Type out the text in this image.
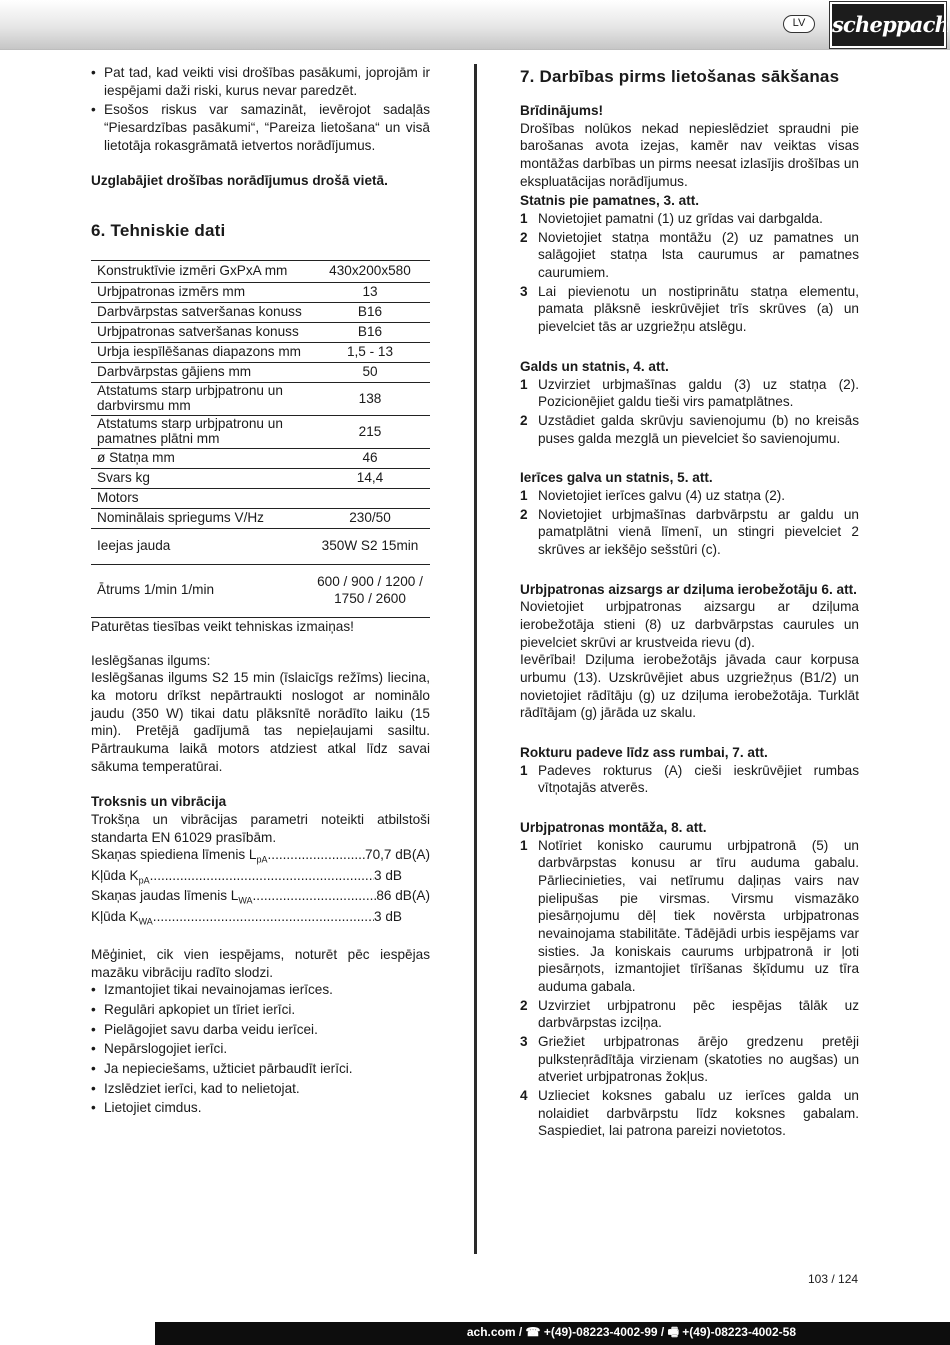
LV	scheppach
• Pat tad, kad veikti visi drošības pasākumi, joprojām ir iespējami daži riski, kurus nevar paredzēt.
• Esošos riskus var samazināt, ievērojot sadaļās “Piesardzības pasākumi“, “Pareiza lietošana“ un visā lietotāja rokasgrāmatā ietvertos norādījumus.

Uzglabājiet drošības norādījumus drošā vietā.

6. Tehniskie dati
Konstruktīvie izmēri GxPxA mm	430x200x580
Urbjpatronas izmērs mm	13
Darbvārpstas satveršanas konuss	B16
Urbjpatronas satveršanas konuss	B16
Urbja iespīlēšanas diapazons mm	1,5 - 13
Darbvārpstas gājiens mm	50
Atstatums starp urbjpatronu un darbvirsmu mm	138
Atstatums starp urbjpatronu un pamatnes plātni mm	215
ø Statņa mm	46
Svars kg	14,4
Motors	
Nominālais spriegums V/Hz	230/50
Ieejas jauda	350W S2 15min
Ātrums 1/min 1/min	600 / 900 / 1200 / 1750 / 2600

Paturētas tiesības veikt tehniskas izmaiņas!

Ieslēgšanas ilgums:

Ieslēgšanas ilgums S2 15 min (īslaicīgs režīms) liecina, ka motoru drīkst nepārtraukti noslogot ar nominālo jaudu (350 W) tikai datu plāksnītē norādīto laiku (15 min). Pretējā gadījumā tas nepieļaujami sasiltu. Pārtraukuma laikā motors atdziest atkal līdz savai sākuma temperatūrai.

Troksnis un vibrācija

Trokšņa un vibrācijas parametri noteikti atbilstoši standarta EN 61029 prasībām.

Skaņas spiediena līmenis $L_{pA}$ .....	70,7 dB(A)
Kļūda $K_{pA}$ .....	3 dB
Skaņas jaudas līmenis $L_{WA}$ .....	86 dB(A)
Kļūda $K_{WA}$ .....	3 dB

Mēģiniet, cik vien iespējams, noturēt pēc iespējas mazāku vibrāciju radīto slodzi.

• Izmantojiet tikai nevainojamas ierīces.
• Regulāri apkopiet un tīriet ierīci.
• Pielāgojiet savu darba veidu ierīcei.
• Nepārslogojiet ierīci.
• Ja nepieciešams, užticiet pārbaudīt ierīci.
• Izslēdziet ierīci, kad to nelietojat.
• Lietojiet cimdus.
7. Darbības pirms lietošanas sākšanas

Brīdinājums!

Drošības nolūkos nekad nepieslēdziet spraudni pie barošanas avota izejas, kamēr nav veiktas visas montāžas darbības un pirms neesat izlasījis drošības un ekspluatācijas norādījumus.

Statnis pie pamatnes, 3. att.

1 Novietojiet pamatni (1) uz grīdas vai darbgalda.
2 Novietojiet statņa montāžu (2) uz pamatnes un salāgojiet statņa lsta caurumus ar pamatnes caurumiem.
3 Lai pievienotu un nostiprinātu statņa elementu, pamata plāksnē ieskrūvējiet trīs skrūves (a) un pievelciet tās ar uzgriežņu atslēgu.

Galds un statnis, 4. att.

1 Uzvirziet urbjmašīnas galdu (3) uz statņa (2). Pozicionējiet galdu tieši virs pamatplātnes.
2 Uzstādiet galda skrūvju savienojumu (b) no kreisās puses galda mezglā un pievelciet šo savienojumu.

Ierīces galva un statnis, 5. att.

1 Novietojiet ierīces galvu (4) uz statņa (2).
2 Novietojiet urbjmašīnas darbvārpstu ar galdu un pamatplātni vienā līmenī, un stingri pievelciet 2 skrūves ar iekšējo sešstūri (c).

Urbjpatronas aizsargs ar dziļuma ierobežotāju 6. att.

Novietojiet urbjpatronas aizsargu ar dziļuma ierobežotāja stieni (8) uz darbvārpstas caurules un pievelciet skrūvi ar krustveida rievu (d).

Ievērībai! Dziļuma ierobežotājs jāvada caur korpusa urbumu (13). Uzskrūvējiet abus uzgriežņus (B1/2) un novietojiet rādītāju (g) uz dziļuma ierobežotāja. Turklāt rādītājam (g) jārāda uz skalu.

Rokturu padeve līdz ass rumbai, 7. att.

1 Padeves rokturus (A) cieši ieskrūvējiet rumbas vītņotajās atverēs.

Urbjpatronas montāža, 8. att.

1 Notīriet konisko caurumu urbjpatronā (5) un darbvārpstas konusu ar tīru auduma gabalu. Pārliecinieties, vai netīrumu daļiņas vairs nav pielipušas pie virsmas. Virsmu vismazāko piesārņojumu dēļ tiek novērsta urbjpatronas nevainojama stabilitāte. Tādējādi urbis iespējams var sisties. Ja koniskais caurums urbjpatronā ir ļoti piesārņots, izmantojiet tīrīšanas šķīdumu uz tīra auduma gabala.
2 Uzvirziet urbjpatronu pēc iespējas tālāk uz darbvārpstas izciļņa.
3 Griežiet urbjpatronas ārējo gredzenu pretēji pulksteņrādītāja virzienam (skatoties no augšas) un atveriet urbjpatronas žokļus.
4 Uzlieciet koksnes gabalu uz ierīces galda un nolaidiet darbvārpstu līdz koksnes gabalam. Saspiediet, lai patrona pareizi novietotos.
103 / 124
ach.com / ☎ +(49)-08223-4002-99 / 🖷 +(49)-08223-4002-58
